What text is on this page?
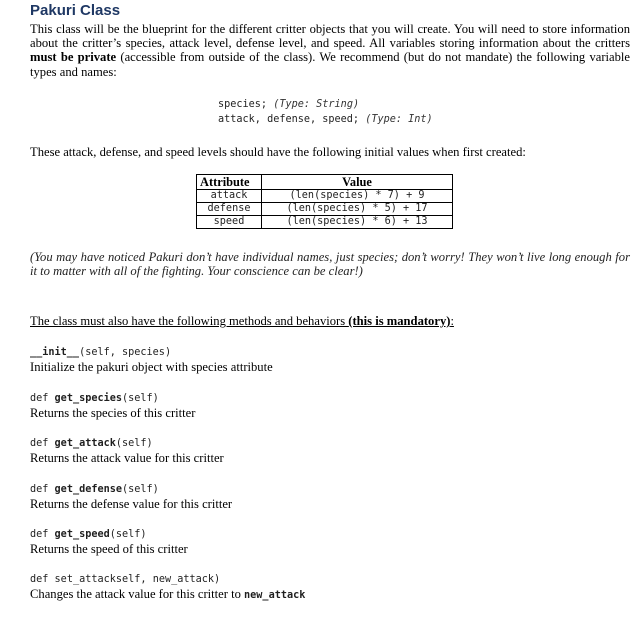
Pakuri Class
This class will be the blueprint for the different critter objects that you will create. You will need to store information about the critter’s species, attack level, defense level, and speed. All variables storing information about the critters must be private (accessible from outside of the class). We recommend (but do not mandate) the following variable types and names:
species; (Type: String)
attack, defense, speed; (Type: Int)
These attack, defense, and speed levels should have the following initial values when first created:
Attribute	Value
attack	(len(species) * 7) + 9
defense	(len(species) * 5) + 17
speed	(len(species) * 6) + 13
(You may have noticed Pakuri don’t have individual names, just species; don’t worry! They won’t live long enough for it to matter with all of the fighting. Your conscience can be clear!)
The class must also have the following methods and behaviors (this is mandatory):
__init__(self, species)
Initialize the pakuri object with species attribute
def get_species(self)
Returns the species of this critter
def get_attack(self)
Returns the attack value for this critter
def get_defense(self)
Returns the defense value for this critter
def get_speed(self)
Returns the speed of this critter
def set_attackself, new_attack)
Changes the attack value for this critter to new_attack
